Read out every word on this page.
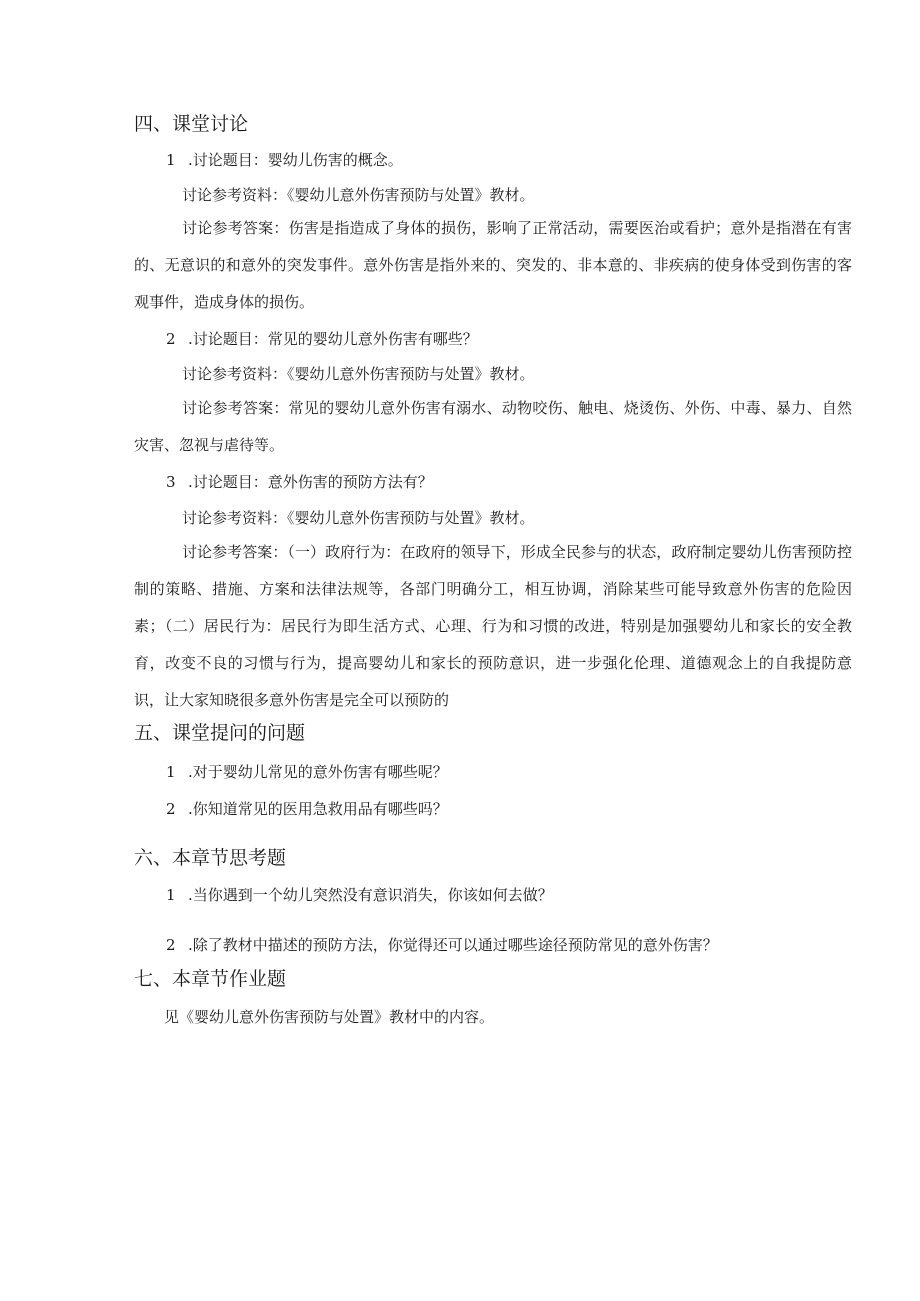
四、课堂讨论
1 .讨论题目：婴幼儿伤害的概念。
讨论参考资料：《婴幼儿意外伤害预防与处置》教材。
讨论参考答案：伤害是指造成了身体的损伤，影响了正常活动，需要医治或看护；意外是指潜在有害的、无意识的和意外的突发事件。意外伤害是指外来的、突发的、非本意的、非疾病的使身体受到伤害的客观事件，造成身体的损伤。
2 .讨论题目：常见的婴幼儿意外伤害有哪些？
讨论参考资料：《婴幼儿意外伤害预防与处置》教材。
讨论参考答案：常见的婴幼儿意外伤害有溺水、动物咬伤、触电、烧烫伤、外伤、中毒、暴力、自然灾害、忽视与虐待等。
3 .讨论题目：意外伤害的预防方法有？
讨论参考资料：《婴幼儿意外伤害预防与处置》教材。
讨论参考答案：（一）政府行为：在政府的领导下，形成全民参与的状态，政府制定婴幼儿伤害预防控制的策略、措施、方案和法律法规等，各部门明确分工，相互协调，消除某些可能导致意外伤害的危险因素；（二）居民行为：居民行为即生活方式、心理、行为和习惯的改进，特别是加强婴幼儿和家长的安全教育，改变不良的习惯与行为，提高婴幼儿和家长的预防意识，进一步强化伦理、道德观念上的自我提防意识，让大家知晓很多意外伤害是完全可以预防的
五、课堂提问的问题
1 .对于婴幼儿常见的意外伤害有哪些呢？
2 .你知道常见的医用急救用品有哪些吗？
六、本章节思考题
1 .当你遇到一个幼儿突然没有意识消失，你该如何去做？
2 .除了教材中描述的预防方法，你觉得还可以通过哪些途径预防常见的意外伤害？
七、本章节作业题
见《婴幼儿意外伤害预防与处置》教材中的内容。
